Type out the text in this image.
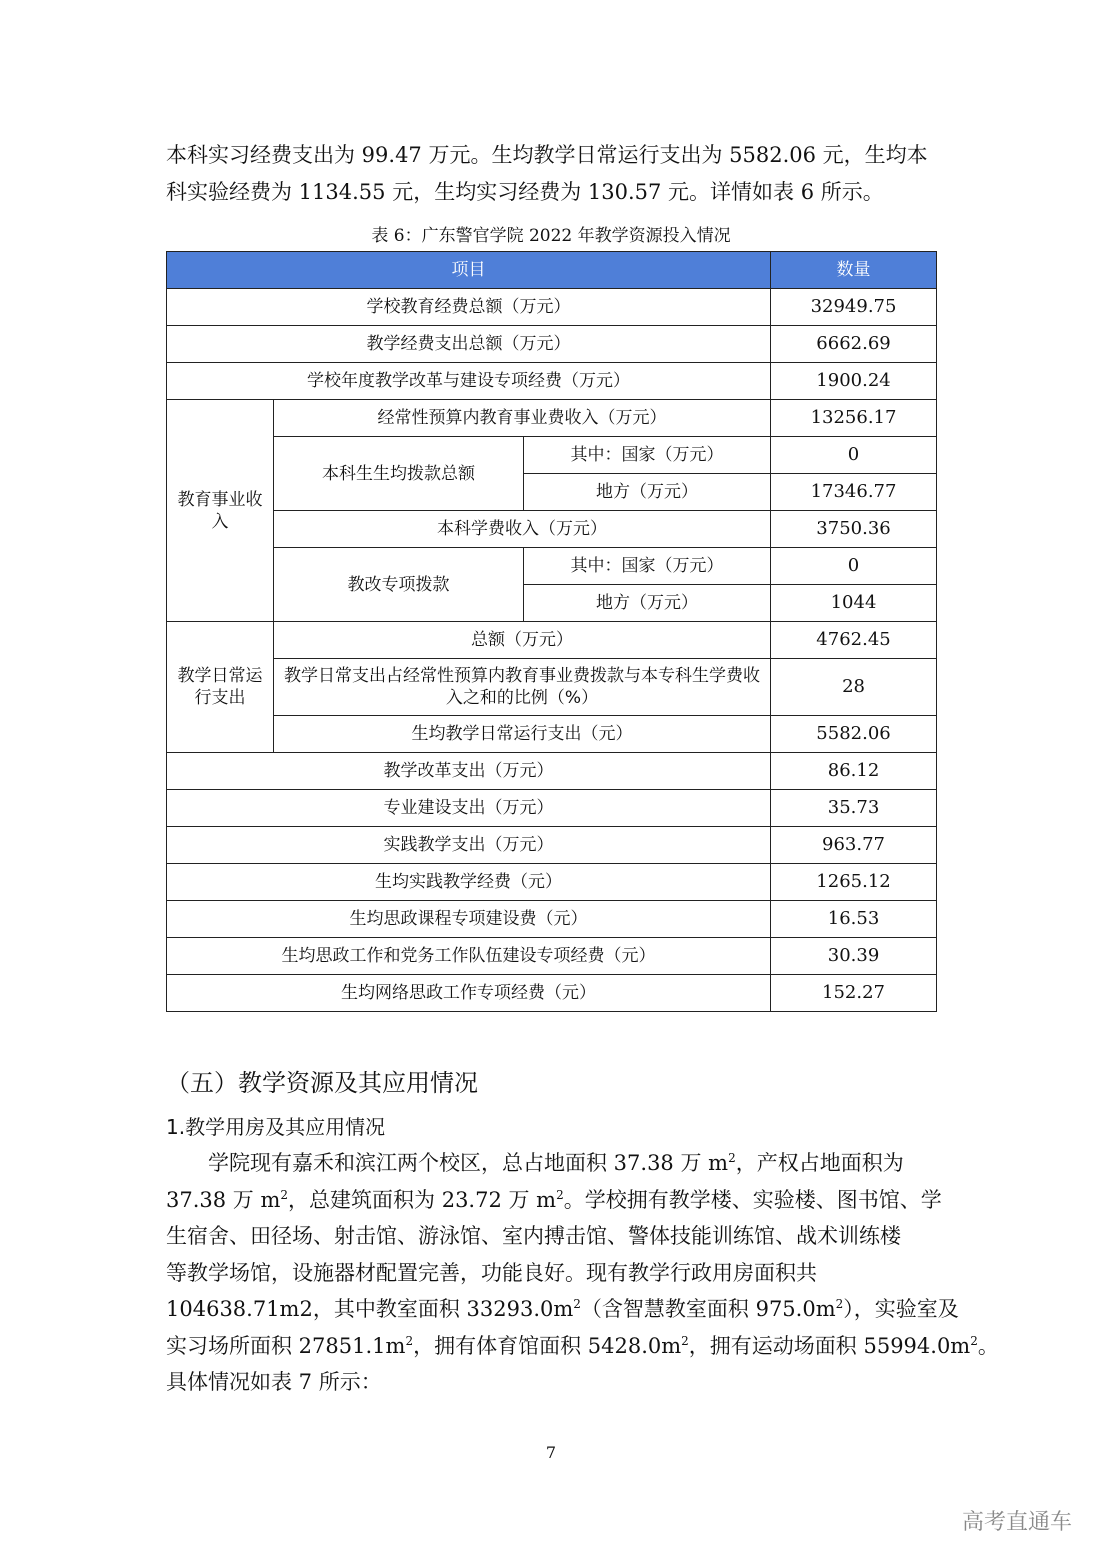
本科实习经费支出为 99.47 万元。生均教学日常运行支出为 5582.06 元，生均本
科实验经费为 1134.55 元，生均实习经费为 130.57 元。详情如表 6 所示。
表 6：广东警官学院 2022 年教学资源投入情况
项目			数量
学校教育经费总额（万元）			32949.75
教学经费支出总额（万元）			6662.69
学校年度教学改革与建设专项经费（万元）			1900.24
教育事业收入	经常性预算内教育事业费收入（万元）		13256.17
	本科生生均拨款总额	其中：国家（万元）	0
		地方（万元）	17346.77
	本科学费收入（万元）		3750.36
	教改专项拨款	其中：国家（万元）	0
		地方（万元）	1044
教学日常运行支出	总额（万元）		4762.45
	教学日常支出占经常性预算内教育事业费拨款与本专科生学费收入之和的比例（%）		28
	生均教学日常运行支出（元）		5582.06
教学改革支出（万元）			86.12
专业建设支出（万元）			35.73
实践教学支出（万元）			963.77
生均实践教学经费（元）			1265.12
生均思政课程专项建设费（元）			16.53
生均思政工作和党务工作队伍建设专项经费（元）			30.39
生均网络思政工作专项经费（元）			152.27
（五）教学资源及其应用情况
1.教学用房及其应用情况
学院现有嘉禾和滨江两个校区，总占地面积 37.38 万 $m^2$，产权占地面积为
37.38 万 $m^2$，总建筑面积为 23.72 万 $m^2$。学校拥有教学楼、实验楼、图书馆、学
生宿舍、田径场、射击馆、游泳馆、室内搏击馆、警体技能训练馆、战术训练楼
等教学场馆，设施器材配置完善，功能良好。现有教学行政用房面积共
104638.71m2，其中教室面积 $33293.0m^2$（含智慧教室面积 $975.0m^2$），实验室及
实习场所面积 $27851.1m^2$，拥有体育馆面积 $5428.0m^2$，拥有运动场面积 $55994.0m^2$。
具体情况如表 7 所示：
7
高考直通车
